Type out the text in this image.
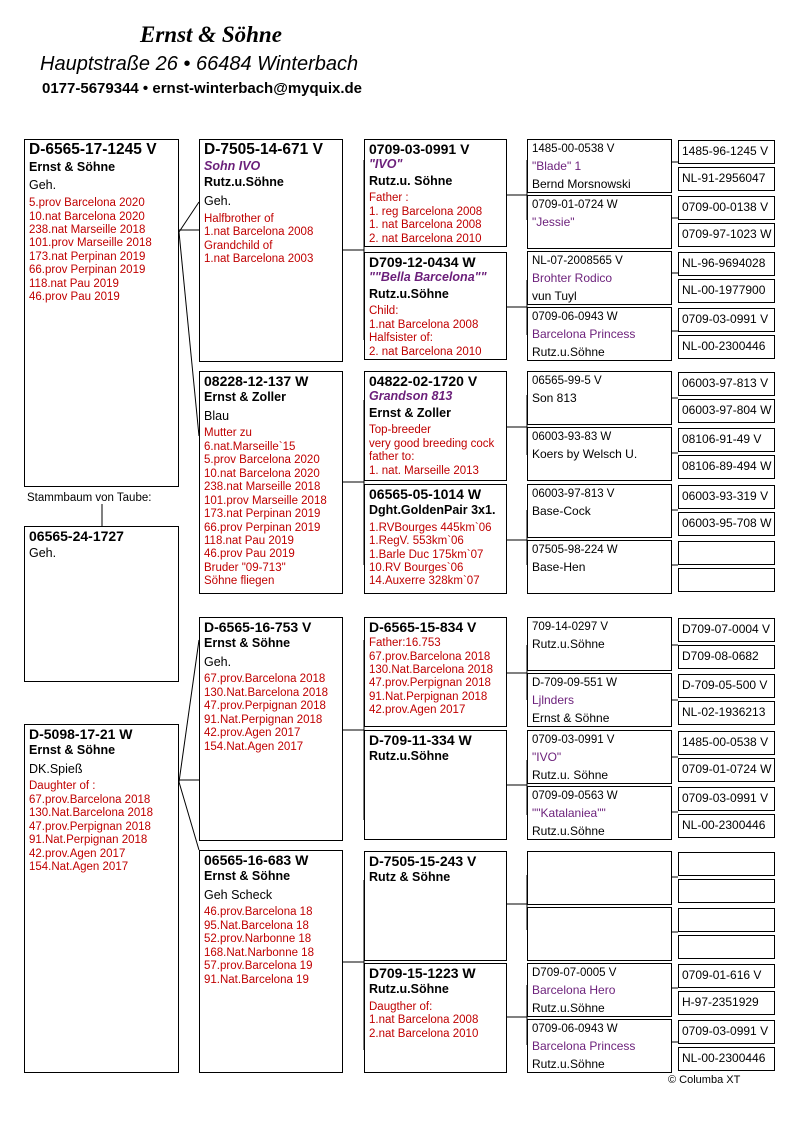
Ernst & Söhne
Hauptstraße 26 • 66484 Winterbach
0177-5679344 • ernst-winterbach@myquix.de
D-6565-17-1245 V
Ernst & Söhne
Geh.
5.prov Barcelona 2020
10.nat Barcelona 2020
238.nat Marseille 2018
101.prov Marseille 2018
173.nat Perpinan 2019
66.prov Perpinan 2019
118.nat Pau 2019
46.prov Pau 2019
Stammbaum von Taube:
06565-24-1727
Geh.
D-5098-17-21 W
Ernst & Söhne
DK.Spieß
Daughter of :
67.prov.Barcelona 2018
130.Nat.Barcelona 2018
47.prov.Perpignan 2018
91.Nat.Perpignan 2018
42.prov.Agen 2017
154.Nat.Agen 2017
D-7505-14-671 V
Sohn IVO
Rutz.u.Söhne
Geh.
Halfbrother of
1.nat Barcelona 2008
Grandchild of
1.nat Barcelona 2003
08228-12-137 W
Ernst & Zoller
Blau
Mutter zu
6.nat.Marseille`15
5.prov Barcelona 2020
10.nat Barcelona 2020
238.nat Marseille 2018
101.prov Marseille 2018
173.nat Perpinan 2019
66.prov Perpinan 2019
118.nat Pau 2019
46.prov Pau 2019
Bruder "09-713"
Söhne fliegen
D-6565-16-753 V
Ernst & Söhne
Geh.
67.prov.Barcelona 2018
130.Nat.Barcelona 2018
47.prov.Perpignan 2018
91.Nat.Perpignan 2018
42.prov.Agen 2017
154.Nat.Agen 2017
06565-16-683 W
Ernst & Söhne
Geh Scheck
46.prov.Barcelona 18
95.Nat.Barcelona 18
52.prov.Narbonne 18
168.Nat.Narbonne 18
57.prov.Barcelona 19
91.Nat.Barcelona 19
0709-03-0991 V
"IVO"
Rutz.u. Söhne
Father :
1. reg Barcelona 2008
1. nat Barcelona 2008
2. nat Barcelona 2010
D709-12-0434 W
""Bella Barcelona""
Rutz.u.Söhne
Child:
1.nat Barcelona 2008
Halfsister of:
2. nat Barcelona 2010
04822-02-1720 V
Grandson 813
Ernst & Zoller
Top-breeder
very good breeding cock
father to:
1. nat. Marseille 2013
06565-05-1014 W
Dght.GoldenPair 3x1.
1.RVBourges 445km`06
1.RegV. 553km`06
1.Barle Duc 175km`07
10.RV Bourges`06
14.Auxerre 328km`07
D-6565-15-834 V
Father:16.753
67.prov.Barcelona 2018
130.Nat.Barcelona 2018
47.prov.Perpignan 2018
91.Nat.Perpignan 2018
42.prov.Agen 2017
D-709-11-334 W
Rutz.u.Söhne
D-7505-15-243 V
Rutz & Söhne
D709-15-1223 W
Rutz.u.Söhne
Daugther of:
1.nat Barcelona 2008
2.nat Barcelona 2010
1485-00-0538 V
"Blade" 1
Bernd Morsnowski
0709-01-0724 W
"Jessie"
NL-07-2008565 V
Brohter Rodico
vun Tuyl
0709-06-0943 W
Barcelona Princess
Rutz.u.Söhne
06565-99-5 V
Son 813
06003-93-83 W
Koers by Welsch U.
06003-97-813 V
Base-Cock
07505-98-224 W
Base-Hen
709-14-0297 V
Rutz.u.Söhne
D-709-09-551 W
Ljlnders
Ernst & Söhne
0709-03-0991 V
"IVO"
Rutz.u. Söhne
0709-09-0563 W
""Katalaniea""
Rutz.u.Söhne
D709-07-0005 V
Barcelona Hero
Rutz.u.Söhne
0709-06-0943 W
Barcelona Princess
Rutz.u.Söhne
1485-96-1245 V
NL-91-2956047
0709-00-0138 V
0709-97-1023 W
NL-96-9694028
NL-00-1977900
0709-03-0991 V
NL-00-2300446
06003-97-813 V
06003-97-804 W
08106-91-49 V
08106-89-494 W
06003-93-319 V
06003-95-708 W
D709-07-0004 V
D709-08-0682
D-709-05-500 V
NL-02-1936213
1485-00-0538 V
0709-01-0724 W
0709-03-0991 V
NL-00-2300446
0709-01-616 V
H-97-2351929
0709-03-0991 V
NL-00-2300446
© Columba XT
